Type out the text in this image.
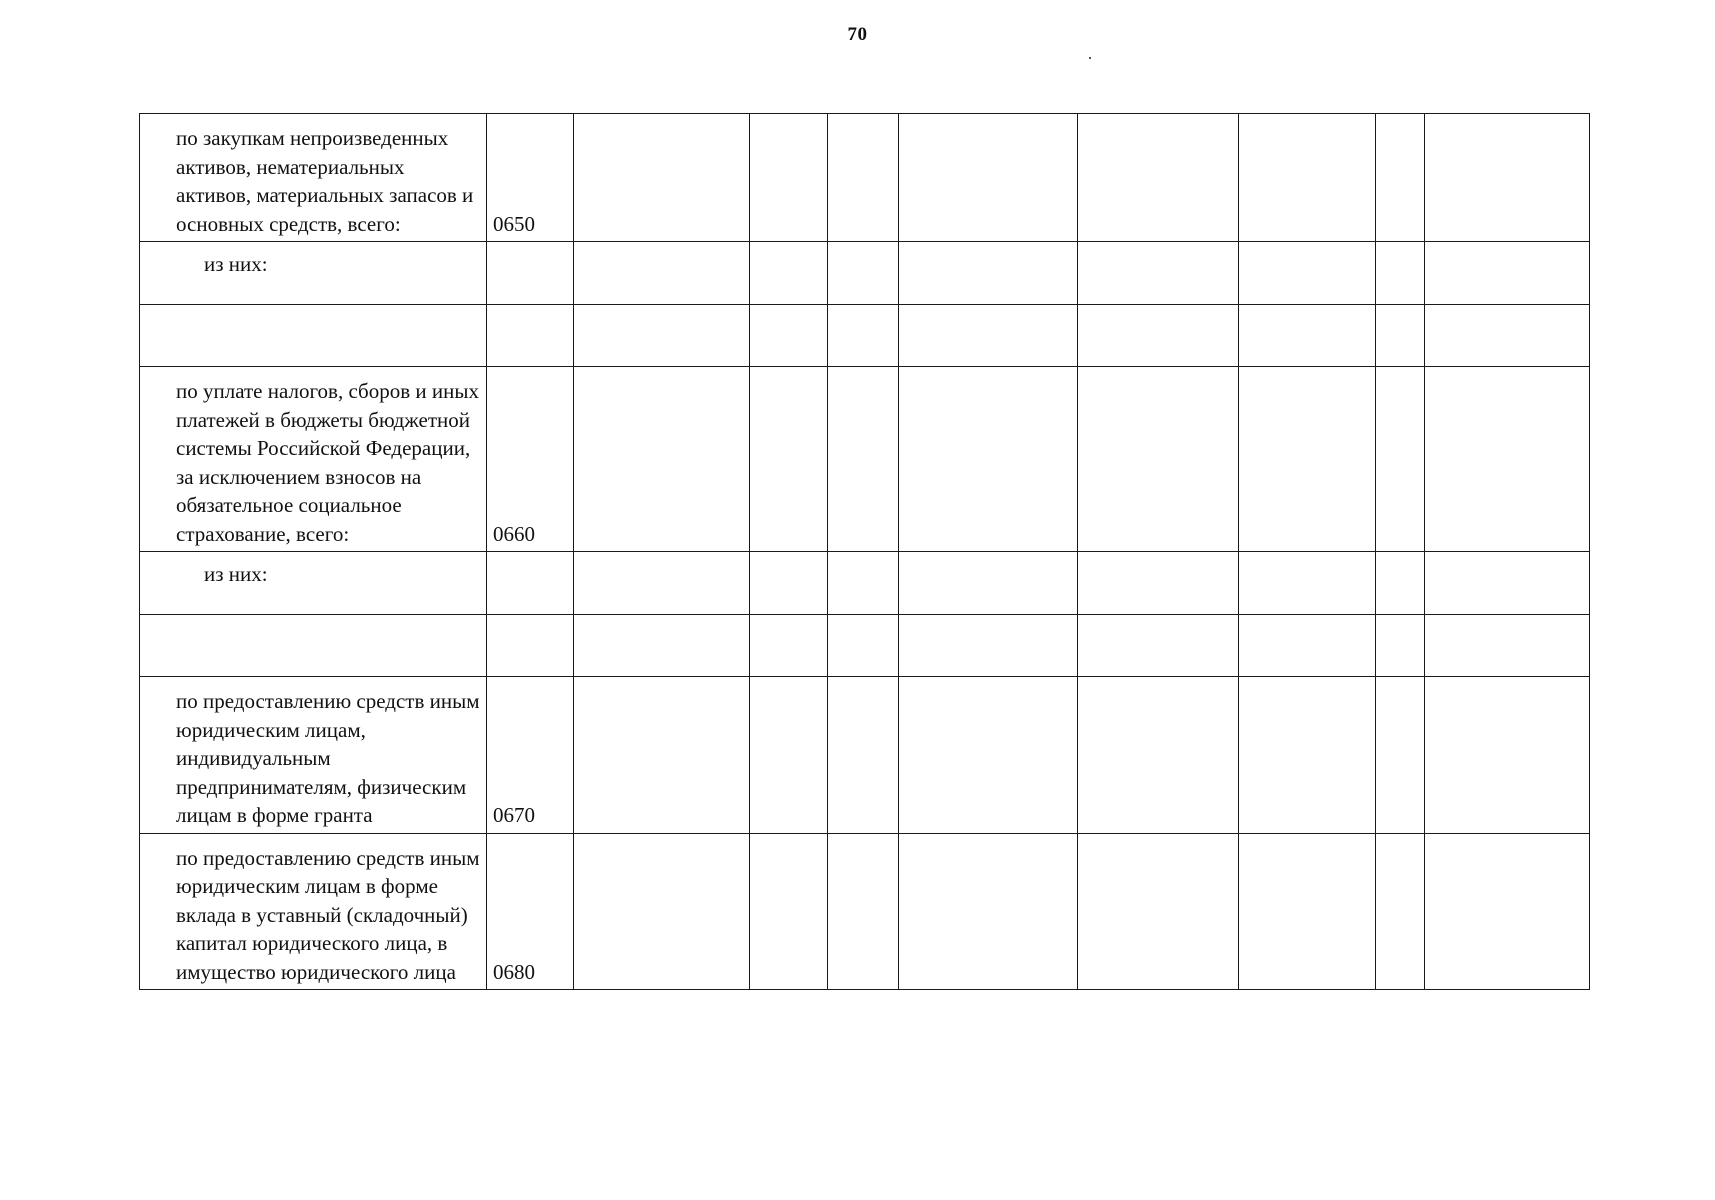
70
по закупкам непроизведенных активов, нематериальных активов, материальных запасов и основных средств, всего:	0650								
из них:									

по уплате налогов, сборов и иных платежей в бюджеты бюджетной системы Российской Федерации, за исключением взносов на обязательное социальное страхование, всего:	0660								
из них:									

по предоставлению средств иным юридическим лицам, индивидуальным предпринимателям, физическим лицам в форме гранта	0670								
по предоставлению средств иным юридическим лицам в форме вклада в уставный (складочный) капитал юридического лица, в имущество юридического лица	0680								
